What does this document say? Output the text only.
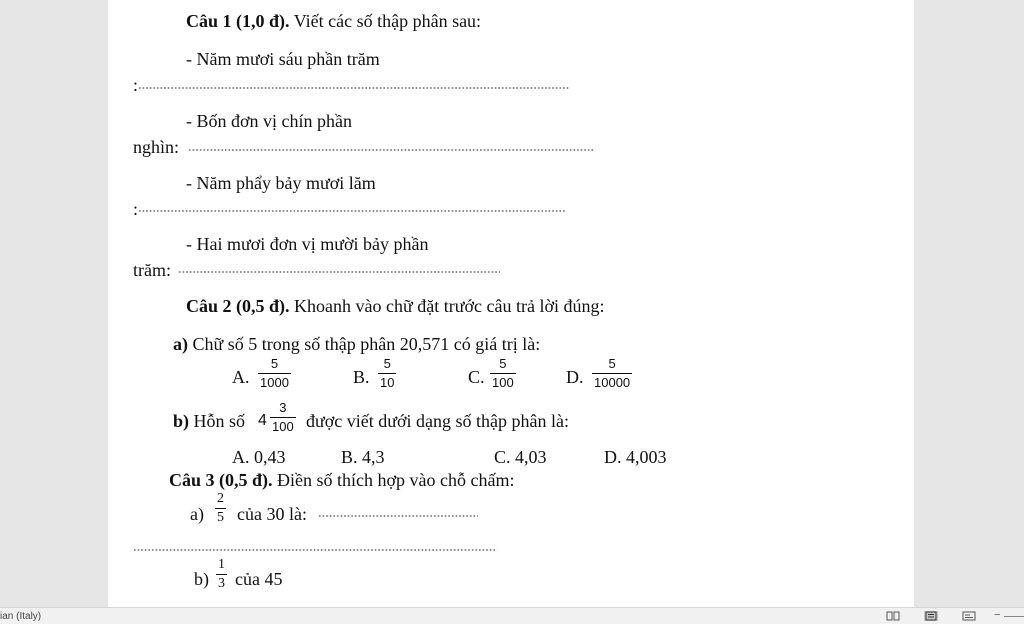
Câu 1 (1,0 đ). Viết các số thập phân sau:
- Năm mươi sáu phần trăm
:
- Bốn đơn vị chín phần
nghìn:
- Năm phẩy bảy mươi lăm
:
- Hai mươi đơn vị mười bảy phần
trăm:
Câu 2 (0,5 đ). Khoanh vào chữ đặt trước câu trả lời đúng:
a) Chữ số 5 trong số thập phân 20,571 có giá trị là:
A. $\frac{5}{1000}$	B. $\frac{5}{10}$	C. $\frac{5}{100}$	D. $\frac{5}{10000}$
b) Hỗn số $4 \frac{3}{100}$ được viết dưới dạng số thập phân là:
A. 0,43	B. 4,3	C. 4,03	D. 4,003
Câu 3 (0,5 đ). Điền số thích hợp vào chỗ chấm:
$a) \frac{2}{5}$ của 30 là:
$b) \frac{1}{3}$ của 45
ian (Italy)	−
